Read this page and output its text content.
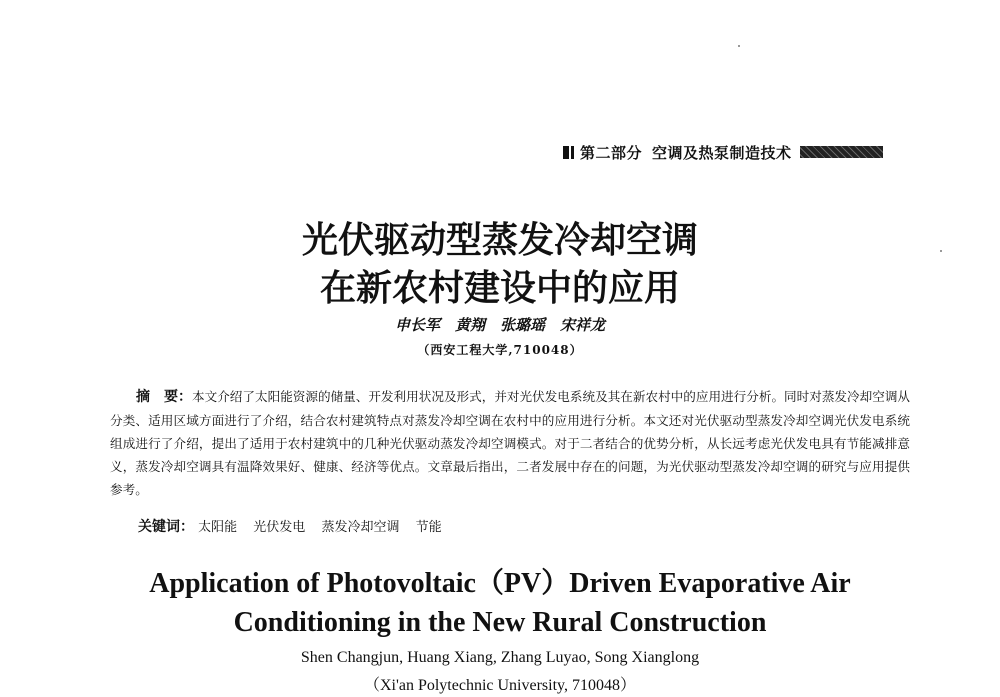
第二部分 空调及热泵制造技术
光伏驱动型蒸发冷却空调
在新农村建设中的应用
申长军　黄翔　张璐瑶　宋祥龙
（西安工程大学,710048）
摘　要：本文介绍了太阳能资源的储量、开发利用状况及形式，并对光伏发电系统及其在新农村中的应用进行分析。同时对蒸发冷却空调从分类、适用区域方面进行了介绍，结合农村建筑特点对蒸发冷却空调在农村中的应用进行分析。本文还对光伏驱动型蒸发冷却空调光伏发电系统组成进行了介绍，提出了适用于农村建筑中的几种光伏驱动蒸发冷却空调模式。对于二者结合的优势分析，从长远考虑光伏发电具有节能减排意义，蒸发冷却空调具有温降效果好、健康、经济等优点。文章最后指出，二者发展中存在的问题，为光伏驱动型蒸发冷却空调的研究与应用提供参考。
关键词： 太阳能 光伏发电 蒸发冷却空调 节能
Application of Photovoltaic（PV）Driven Evaporative Air
Conditioning in the New Rural Construction
Shen Changjun, Huang Xiang, Zhang Luyao, Song Xianglong
（Xi'an Polytechnic University, 710048）
